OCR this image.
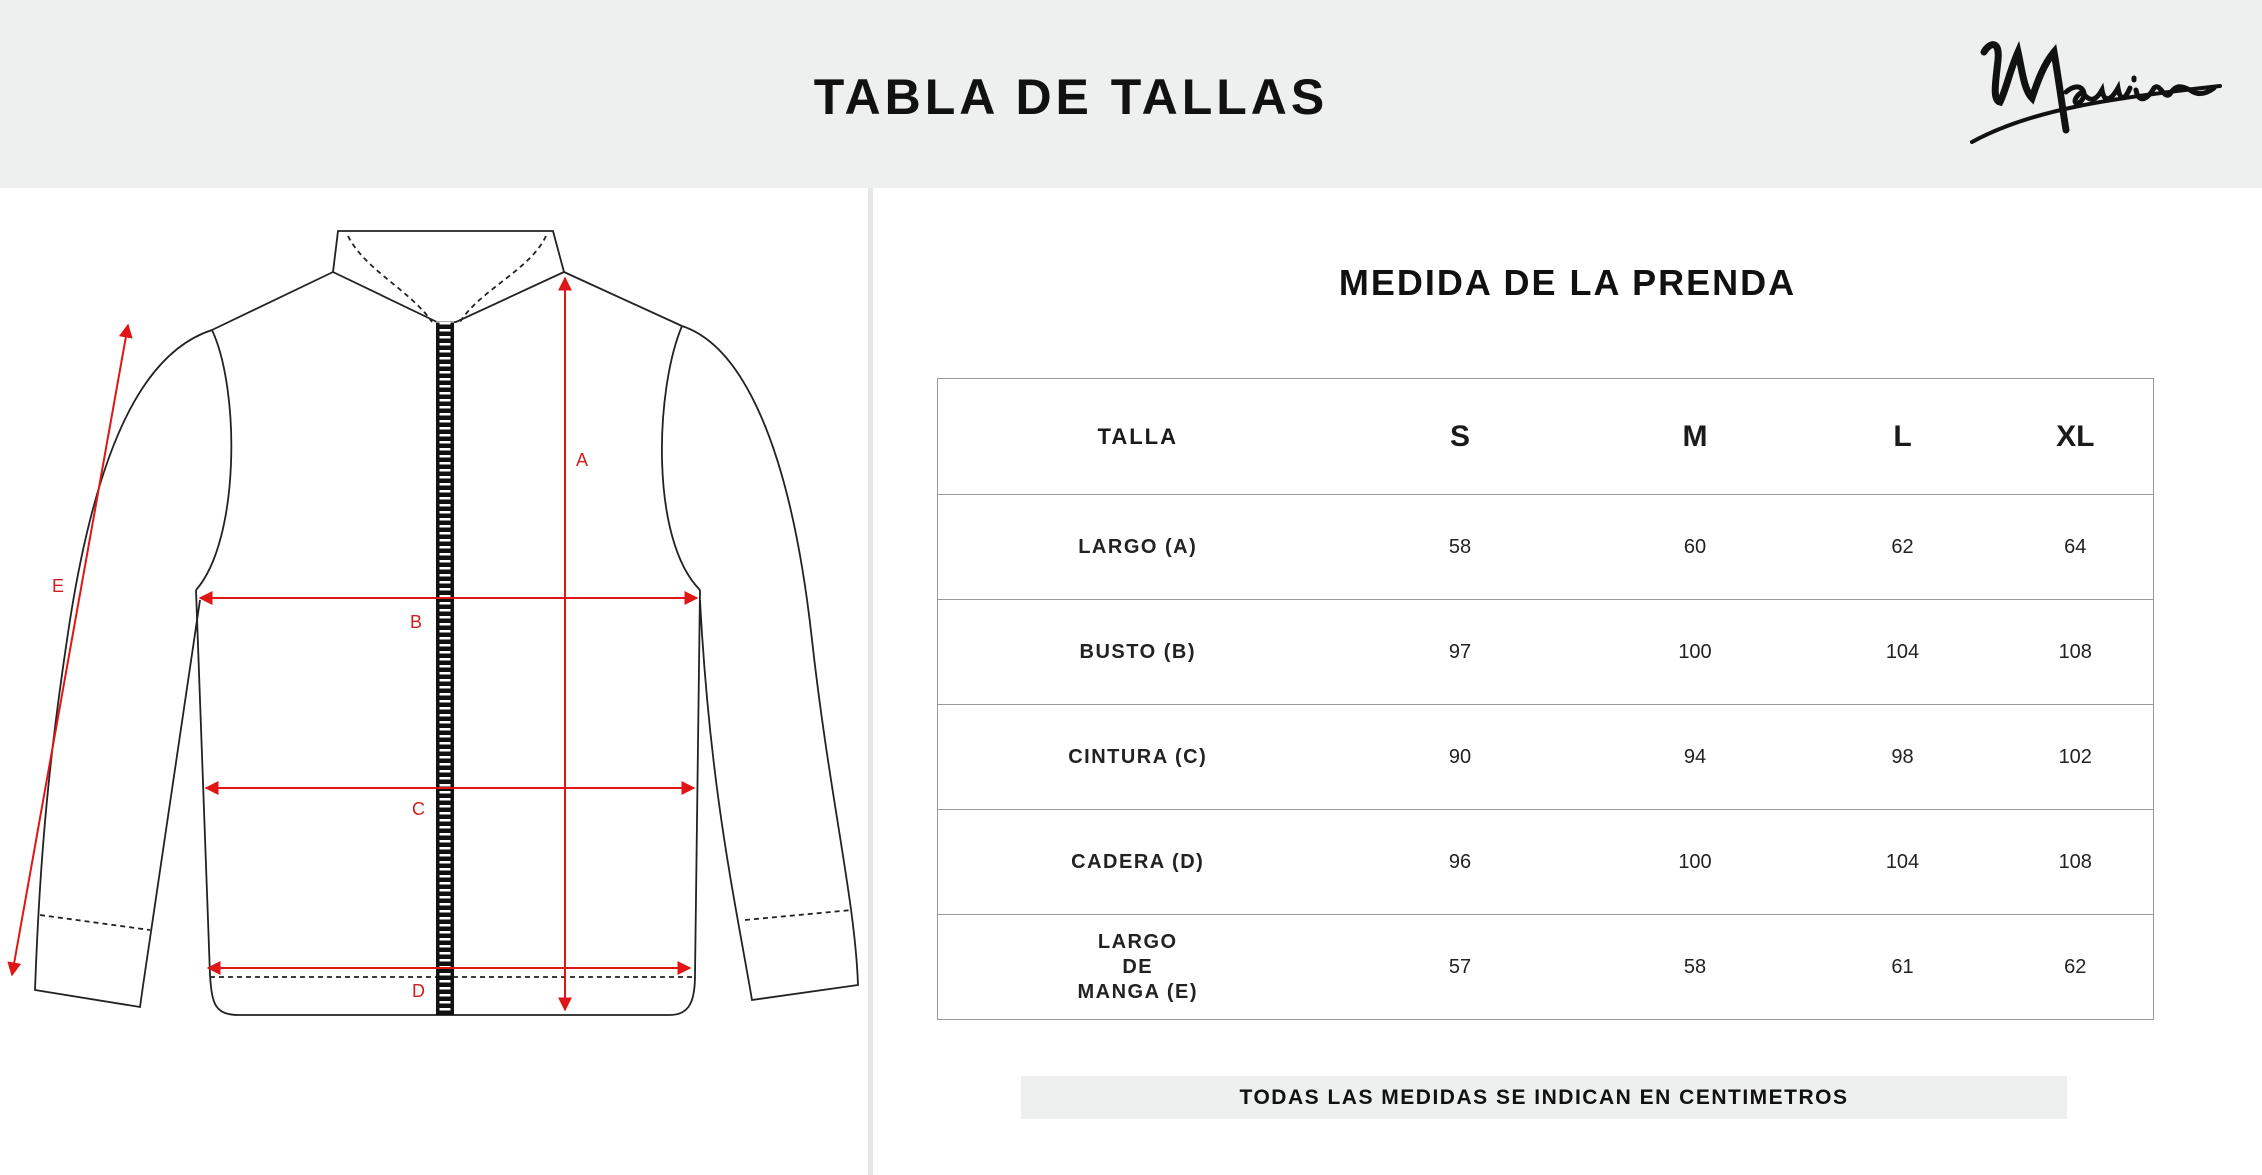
TABLA DE TALLAS
A
B
C
D
E
MEDIDA DE LA PRENDA
TALLA	S	M	L	XL
LARGO (A)	58	60	62	64
BUSTO (B)	97	100	104	108
CINTURA (C)	90	94	98	102
CADERA (D)	96	100	104	108

LARGO
DE
MANGA (E)	57	58	61	62
TODAS LAS MEDIDAS SE INDICAN EN CENTIMETROS
